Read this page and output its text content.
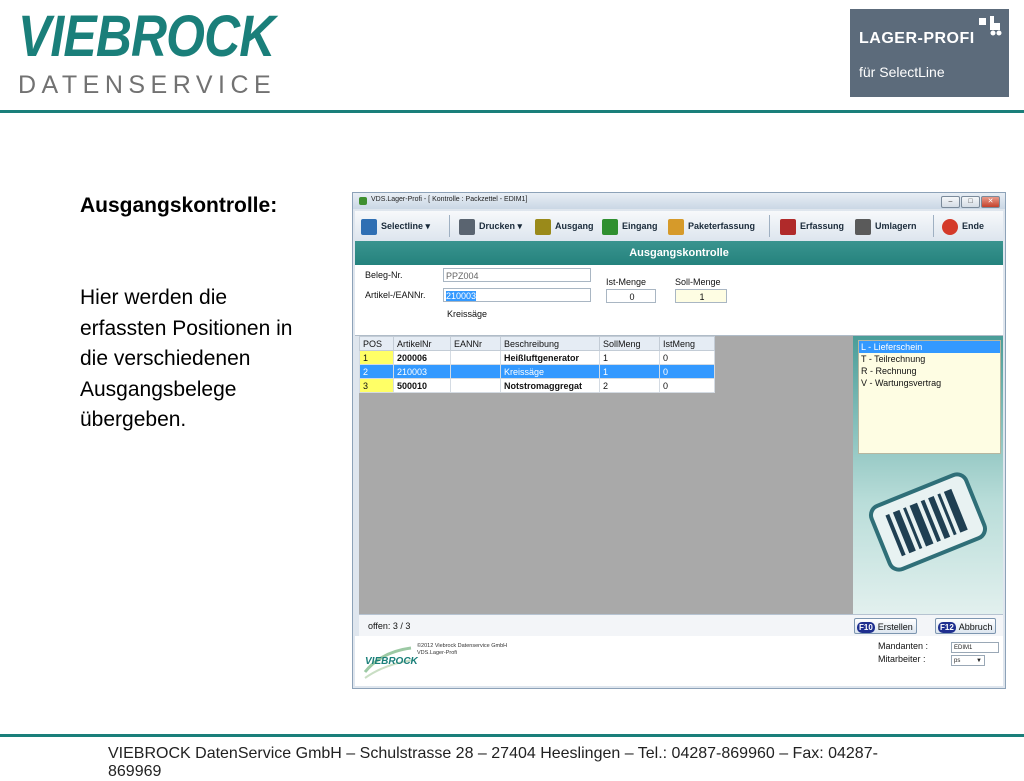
VIEBROCK
DATENSERVICE
LAGER-PROFI
für SelectLine
Ausgangskontrolle:
Hier werden die erfassten Positionen in die verschiedenen Ausgangsbelege übergeben.
VDS.Lager-Profi - [ Kontrolle : Packzettel - EDIM1]	–	□	✕
Selectline ▾	Drucken ▾	Ausgang	Eingang	Paketerfassung	Erfassung	Umlagern	Ende
Ausgangskontrolle
Beleg-Nr.	PPZ004
Artikel-/EANNr.	210003
Kreissäge
Ist-Menge
0
Soll-Menge
1
POS	ArtikelNr	EANNr	Beschreibung	SollMeng	IstMeng
1	200006		Heißluftgenerator	1	0
2	210003		Kreissäge	1	0
3	500010		Notstromaggregat	2	0
L - Lieferschein
T - Teilrechnung
R - Rechnung
V - Wartungsvertrag
offen: 3 / 3	F10 Erstellen	F12 Abbruch
VIEBROCK
©2012 Viebrock Datenservice GmbH
VDS.Lager-Profi
Mandanten :	EDIM1
Mitarbeiter :	ps	▼
VIEBROCK DatenService GmbH – Schulstrasse 28 – 27404 Heeslingen – Tel.: 04287-869960 – Fax: 04287-869969
